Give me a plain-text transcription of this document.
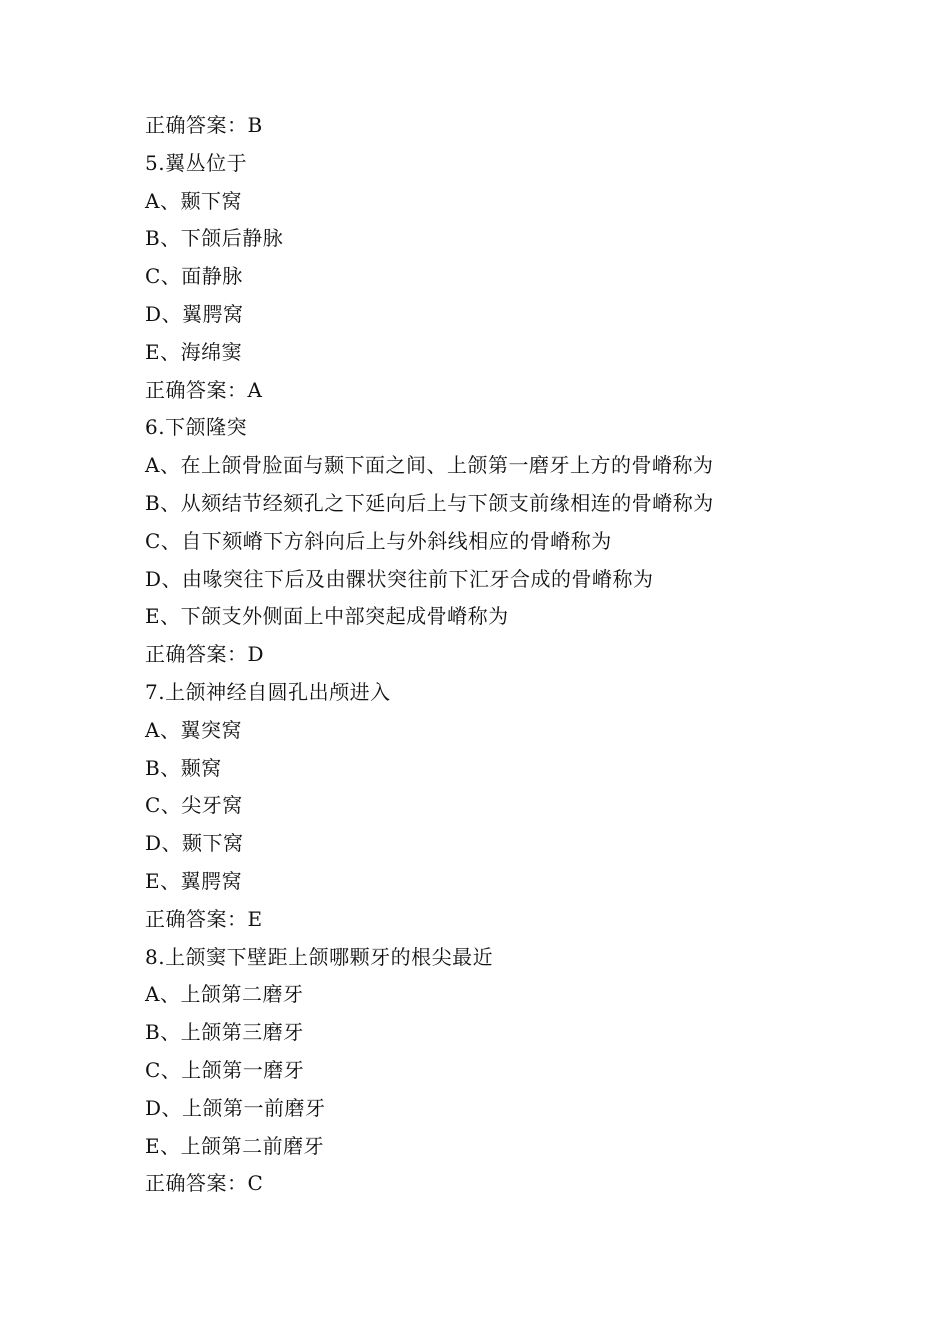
正确答案：B
5.翼丛位于
A、颞下窝
B、下颌后静脉
C、面静脉
D、翼腭窝
E、海绵窦
正确答案：A
6.下颌隆突
A、在上颌骨脸面与颞下面之间、上颌第一磨牙上方的骨嵴称为
B、从颏结节经颏孔之下延向后上与下颌支前缘相连的骨嵴称为
C、自下颏嵴下方斜向后上与外斜线相应的骨嵴称为
D、由喙突往下后及由髁状突往前下汇牙合成的骨嵴称为
E、下颌支外侧面上中部突起成骨嵴称为
正确答案：D
7.上颌神经自圆孔出颅进入
A、翼突窝
B、颞窝
C、尖牙窝
D、颞下窝
E、翼腭窝
正确答案：E
8.上颌窦下壁距上颌哪颗牙的根尖最近
A、上颌第二磨牙
B、上颌第三磨牙
C、上颌第一磨牙
D、上颌第一前磨牙
E、上颌第二前磨牙
正确答案：C
